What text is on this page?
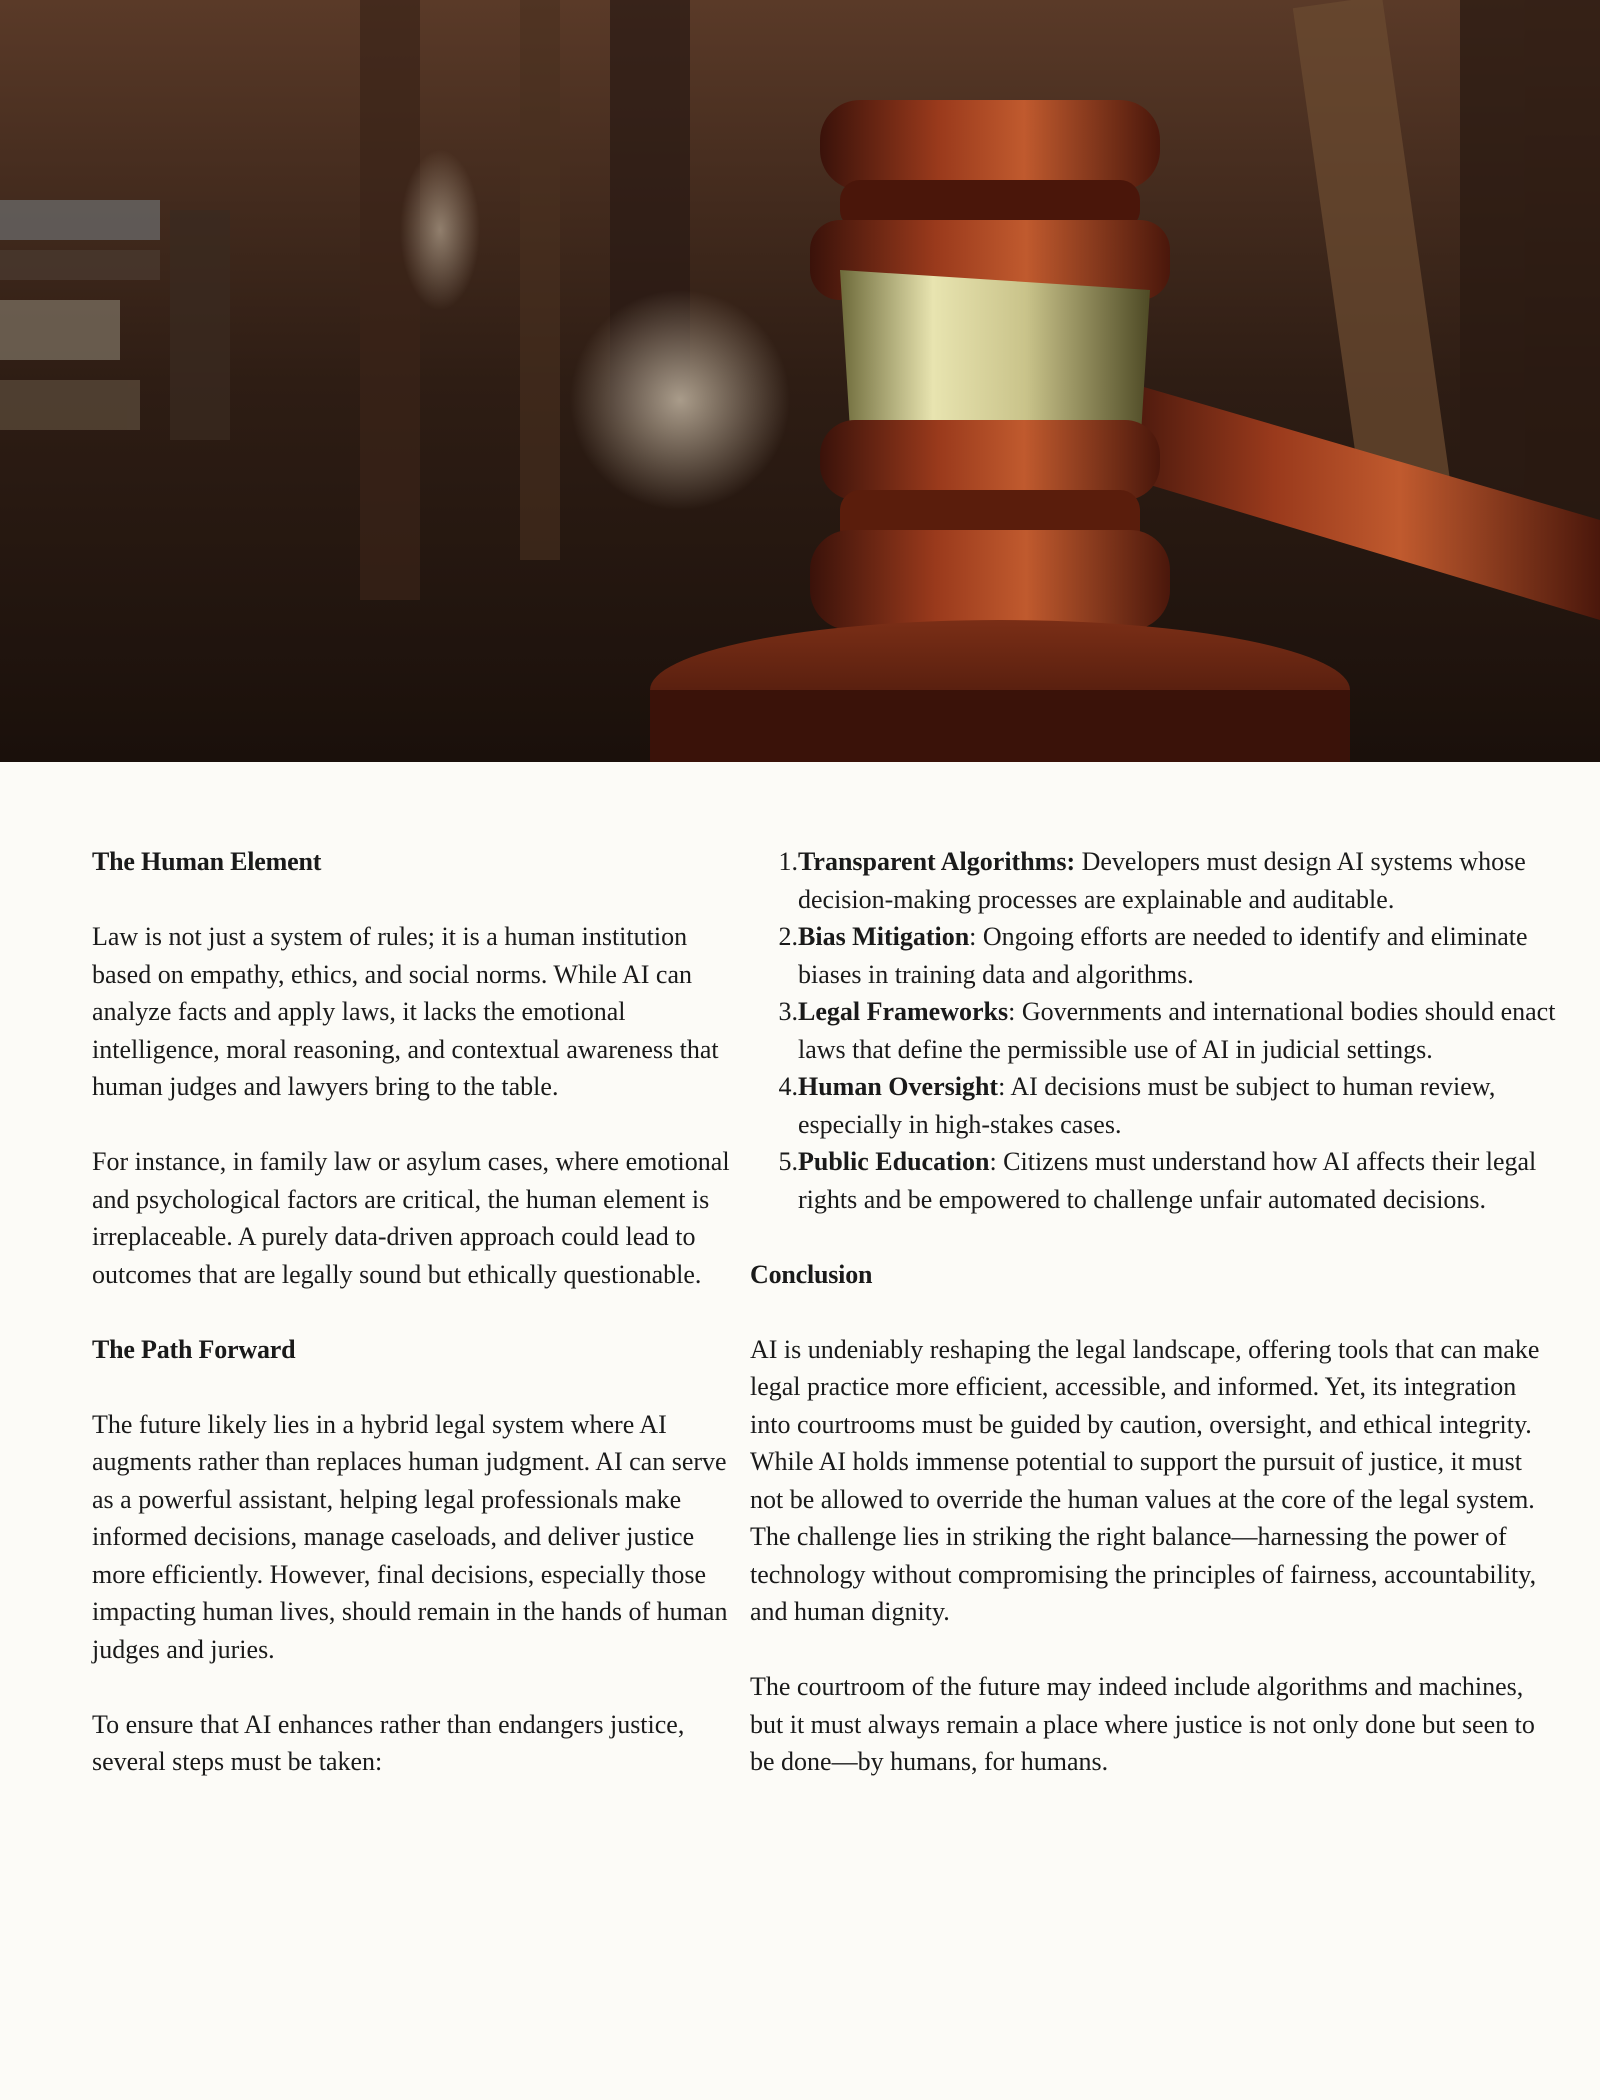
The Human Element

Law is not just a system of rules; it is a human institution based on empathy, ethics, and social norms. While AI can analyze facts and apply laws, it lacks the emotional intelligence, moral reasoning, and contextual awareness that human judges and lawyers bring to the table.

For instance, in family law or asylum cases, where emotional and psychological factors are critical, the human element is irreplaceable. A purely data-driven approach could lead to outcomes that are legally sound but ethically questionable.

The Path Forward

The future likely lies in a hybrid legal system where AI augments rather than replaces human judgment. AI can serve as a powerful assistant, helping legal professionals make informed decisions, manage caseloads, and deliver justice more efficiently. However, final decisions, especially those impacting human lives, should remain in the hands of human judges and juries.

To ensure that AI enhances rather than endangers justice, several steps must be taken:

1. Transparent Algorithms: Developers must design AI systems whose decision-making processes are explainable and auditable.
2. Bias Mitigation: Ongoing efforts are needed to identify and eliminate biases in training data and algorithms.
3. Legal Frameworks: Governments and international bodies should enact laws that define the permissible use of AI in judicial settings.
4. Human Oversight: AI decisions must be subject to human review, especially in high-stakes cases.
5. Public Education: Citizens must understand how AI affects their legal rights and be empowered to challenge unfair automated decisions.
Conclusion

AI is undeniably reshaping the legal landscape, offering tools that can make legal practice more efficient, accessible, and informed. Yet, its integration into courtrooms must be guided by caution, oversight, and ethical integrity. While AI holds immense potential to support the pursuit of justice, it must not be allowed to override the human values at the core of the legal system. The challenge lies in striking the right balance—harnessing the power of technology without compromising the principles of fairness, accountability, and human dignity.

The courtroom of the future may indeed include algorithms and machines, but it must always remain a place where justice is not only done but seen to be done—by humans, for humans.
